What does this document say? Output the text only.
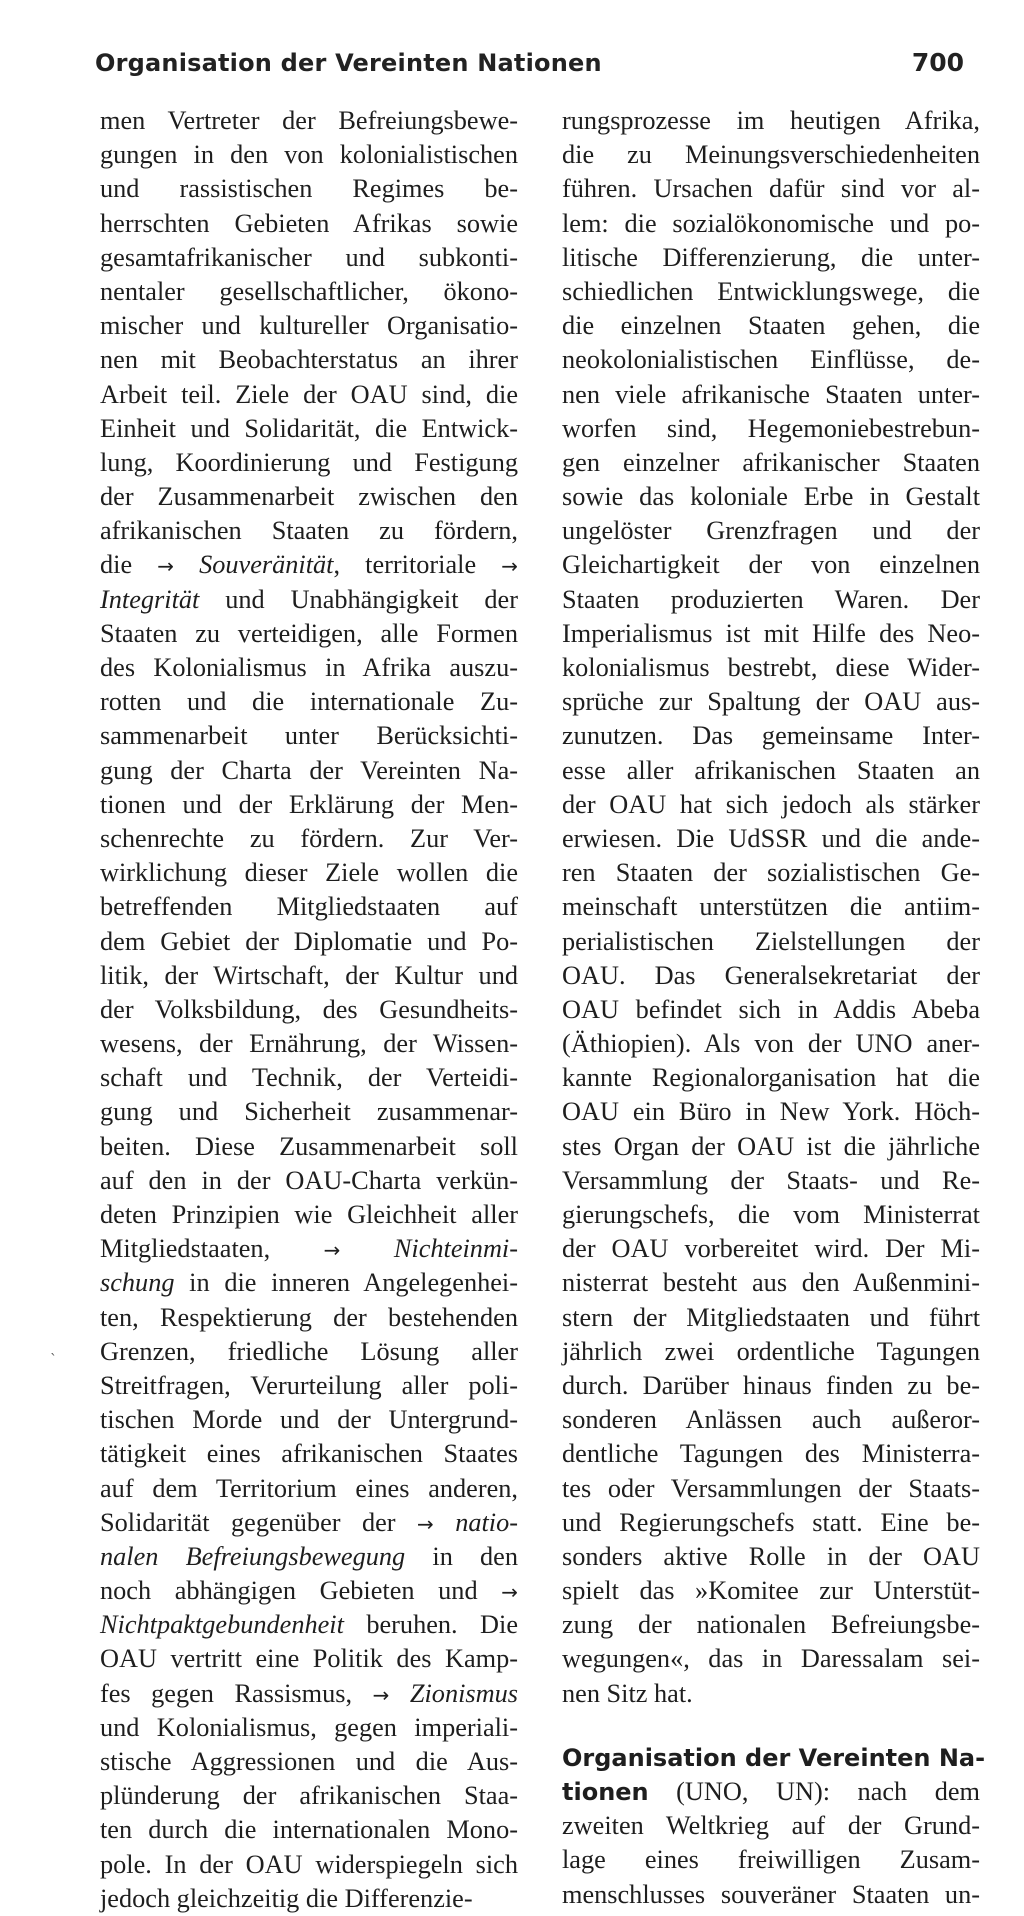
Organisation der Vereinten Nationen	700
men Vertreter der Befreiungsbewe-
gungen in den von kolonialistischen
und rassistischen Regimes be-
herrschten Gebieten Afrikas sowie
gesamtafrikanischer und subkonti-
nentaler gesellschaftlicher, ökono-
mischer und kultureller Organisatio-
nen mit Beobachterstatus an ihrer
Arbeit teil. Ziele der OAU sind, die
Einheit und Solidarität, die Entwick-
lung, Koordinierung und Festigung
der Zusammenarbeit zwischen den
afrikanischen Staaten zu fördern,
die → Souveränität, territoriale →
Integrität und Unabhängigkeit der
Staaten zu verteidigen, alle Formen
des Kolonialismus in Afrika auszu-
rotten und die internationale Zu-
sammenarbeit unter Berücksichti-
gung der Charta der Vereinten Na-
tionen und der Erklärung der Men-
schenrechte zu fördern. Zur Ver-
wirklichung dieser Ziele wollen die
betreffenden Mitgliedstaaten auf
dem Gebiet der Diplomatie und Po-
litik, der Wirtschaft, der Kultur und
der Volksbildung, des Gesundheits-
wesens, der Ernährung, der Wissen-
schaft und Technik, der Verteidi-
gung und Sicherheit zusammenar-
beiten. Diese Zusammenarbeit soll
auf den in der OAU-Charta verkün-
deten Prinzipien wie Gleichheit aller
Mitgliedstaaten, → Nichteinmi-
schung in die inneren Angelegenhei-
ten, Respektierung der bestehenden
Grenzen, friedliche Lösung aller
Streitfragen, Verurteilung aller poli-
tischen Morde und der Untergrund-
tätigkeit eines afrikanischen Staates
auf dem Territorium eines anderen,
Solidarität gegenüber der → natio-
nalen Befreiungsbewegung in den
noch abhängigen Gebieten und →
Nichtpaktgebundenheit beruhen. Die
OAU vertritt eine Politik des Kamp-
fes gegen Rassismus, → Zionismus
und Kolonialismus, gegen imperiali-
stische Aggressionen und die Aus-
plünderung der afrikanischen Staa-
ten durch die internationalen Mono-
pole. In der OAU widerspiegeln sich
jedoch gleichzeitig die Differenzie-
rungsprozesse im heutigen Afrika,
die zu Meinungsverschiedenheiten
führen. Ursachen dafür sind vor al-
lem: die sozialökonomische und po-
litische Differenzierung, die unter-
schiedlichen Entwicklungswege, die
die einzelnen Staaten gehen, die
neokolonialistischen Einflüsse, de-
nen viele afrikanische Staaten unter-
worfen sind, Hegemoniebestrebun-
gen einzelner afrikanischer Staaten
sowie das koloniale Erbe in Gestalt
ungelöster Grenzfragen und der
Gleichartigkeit der von einzelnen
Staaten produzierten Waren. Der
Imperialismus ist mit Hilfe des Neo-
kolonialismus bestrebt, diese Wider-
sprüche zur Spaltung der OAU aus-
zunutzen. Das gemeinsame Inter-
esse aller afrikanischen Staaten an
der OAU hat sich jedoch als stärker
erwiesen. Die UdSSR und die ande-
ren Staaten der sozialistischen Ge-
meinschaft unterstützen die antiim-
perialistischen Zielstellungen der
OAU. Das Generalsekretariat der
OAU befindet sich in Addis Abeba
(Äthiopien). Als von der UNO aner-
kannte Regionalorganisation hat die
OAU ein Büro in New York. Höch-
stes Organ der OAU ist die jährliche
Versammlung der Staats- und Re-
gierungschefs, die vom Ministerrat
der OAU vorbereitet wird. Der Mi-
nisterrat besteht aus den Außenmini-
stern der Mitgliedstaaten und führt
jährlich zwei ordentliche Tagungen
durch. Darüber hinaus finden zu be-
sonderen Anlässen auch außeror-
dentliche Tagungen des Ministerra-
tes oder Versammlungen der Staats-
und Regierungschefs statt. Eine be-
sonders aktive Rolle in der OAU
spielt das »Komitee zur Unterstüt-
zung der nationalen Befreiungsbe-
wegungen«, das in Daressalam sei-
nen Sitz hat.
Organisation der Vereinten Na-
tionen (UNO, UN): nach dem
zweiten Weltkrieg auf der Grund-
lage eines freiwilligen Zusam-
menschlusses souveräner Staaten un-
ˎ
